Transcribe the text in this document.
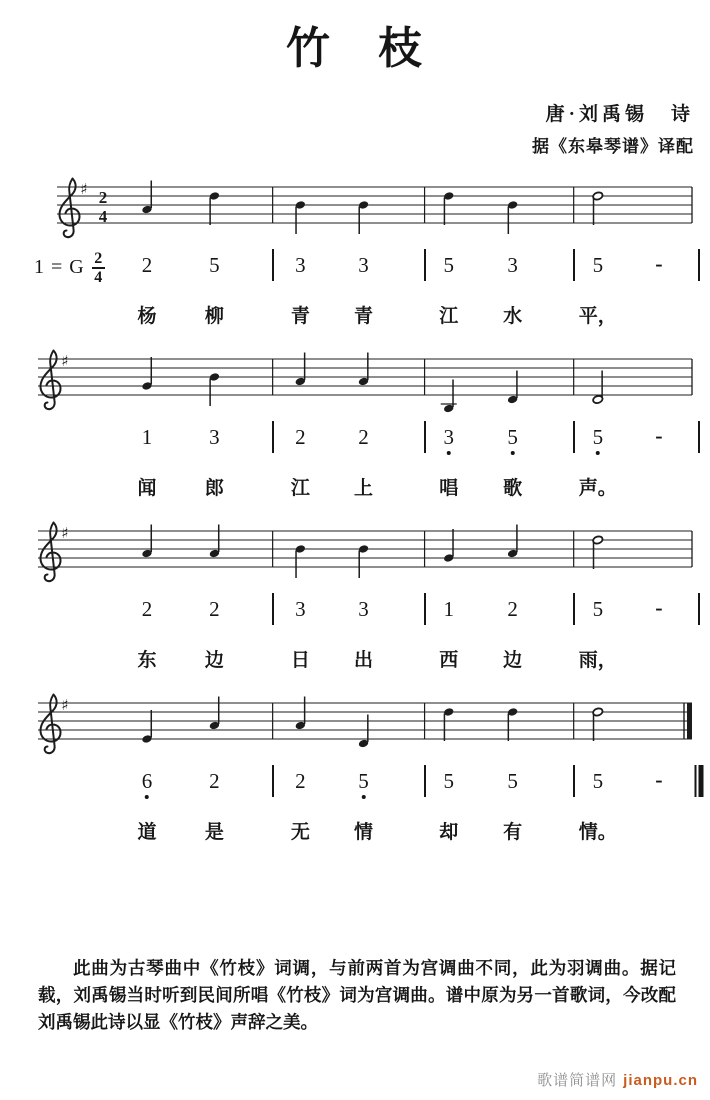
竹　枝
唐·刘禹锡　诗
据《东皋琴谱》译配
♯ 2
4
1 = G $\frac{2}{4} 2$	5	3	3	5	3	5 -
杨	柳	青 青	江 水	平，
♯
1	3	2	2	3	5	5 -
闻	郎	江 上	唱 歌	声。
♯
2	2	3	3	1	2	5 -
东	边	日 出	西 边	雨，
♯
6	2	2	5	5	5	5 -
道	是	无 情	却 有	情。

此曲为古琴曲中《竹枝》词调，与前两首为宫调曲不同，此为羽调曲。据记载，刘禹锡当时听到民间所唱《竹枝》词为宫调曲。谱中原为另一首歌词，今改配刘禹锡此诗以显《竹枝》声辞之美。

歌谱简谱网 jianpu.cn
